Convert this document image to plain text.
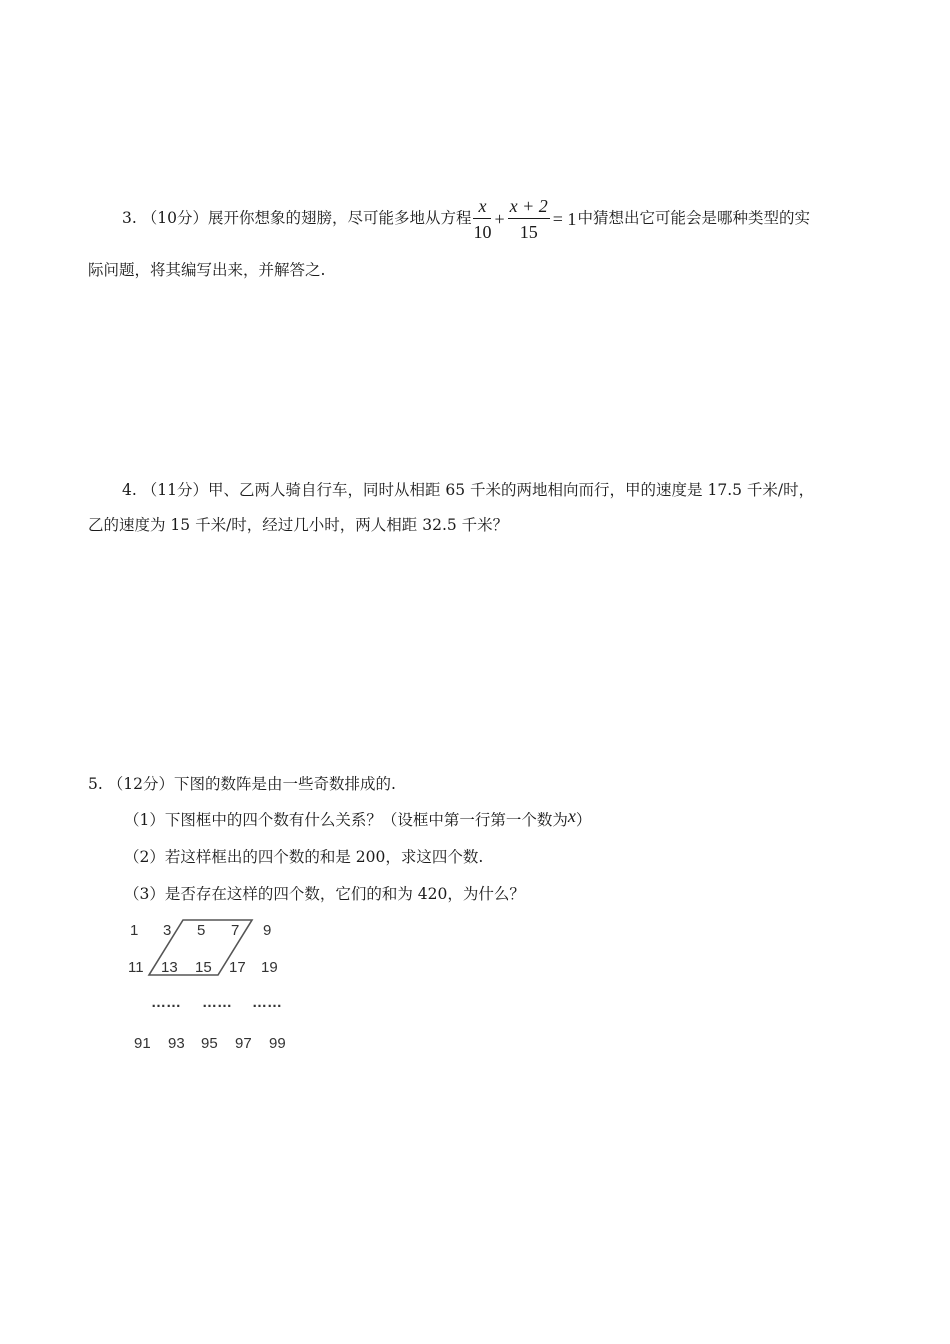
3. （10分）展开你想象的翅膀，尽可能多地从方程 $\frac{x}{10} + \frac{x + 2}{15} = 1$中猜想出它可能会是哪种类型的实
际问题，将其编写出来，并解答之.
4. （11分）甲、乙两人骑自行车，同时从相距 65 千米的两地相向而行，甲的速度是 17.5 千米/时，
乙的速度为 15 千米/时，经过几小时，两人相距 32.5 千米？
5. （12分）下图的数阵是由一些奇数排成的.
（1）下图框中的四个数有什么关系？（设框中第一行第一个数为x）
（2）若这样框出的四个数的和是 200，求这四个数.
（3）是否存在这样的四个数，它们的和为 420，为什么？
1 3 5 7 9
11 13 15 17 19
…… …… ……
91 93 95 97 99
